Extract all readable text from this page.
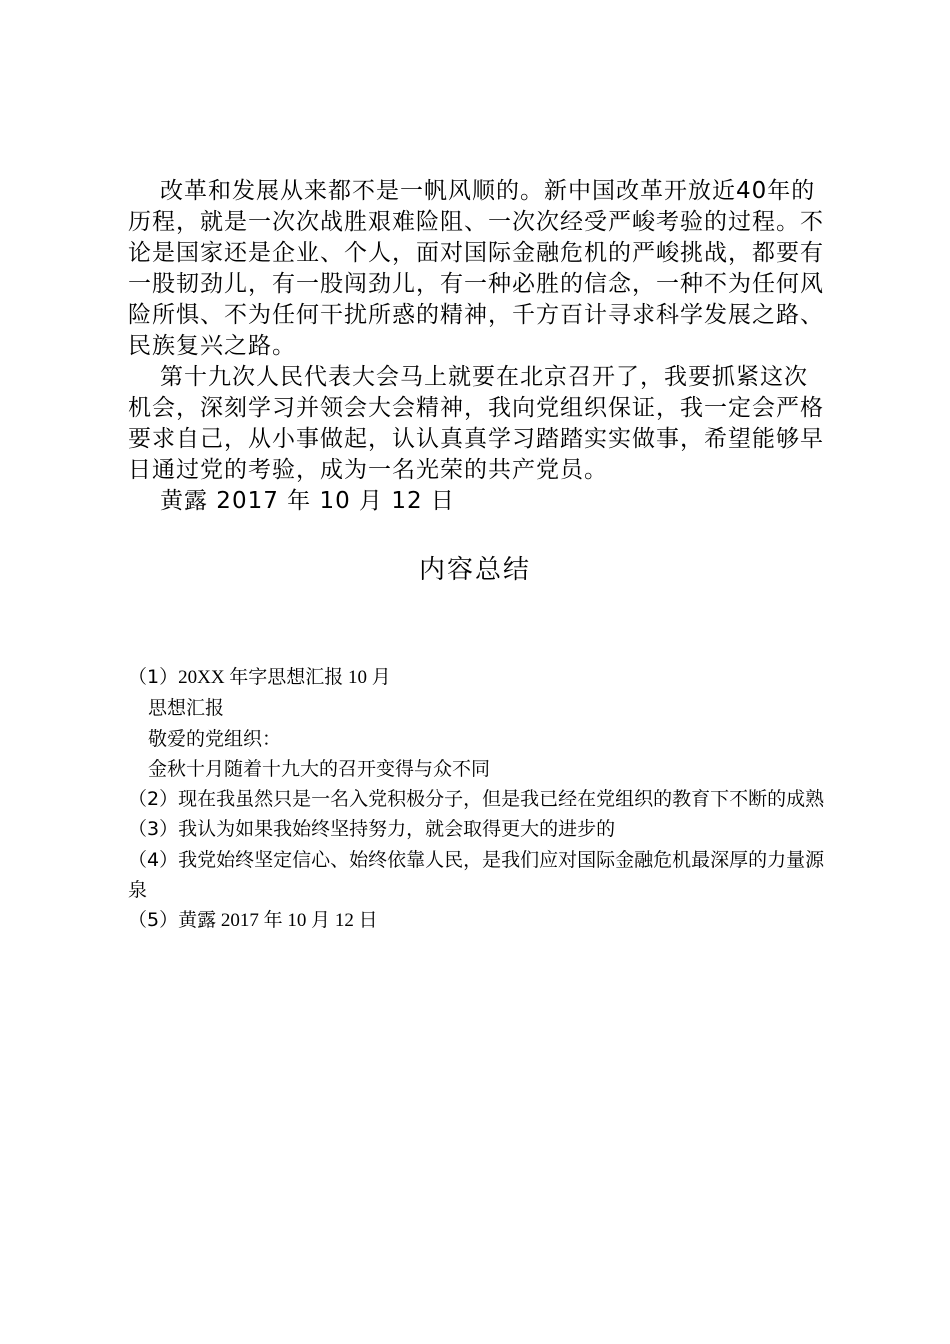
改革和发展从来都不是一帆风顺的。新中国改革开放近40年的历程，就是一次次战胜艰难险阻、一次次经受严峻考验的过程。不论是国家还是企业、个人，面对国际金融危机的严峻挑战，都要有一股韧劲儿，有一股闯劲儿，有一种必胜的信念，一种不为任何风险所惧、不为任何干扰所惑的精神，千方百计寻求科学发展之路、民族复兴之路。

第十九次人民代表大会马上就要在北京召开了，我要抓紧这次机会，深刻学习并领会大会精神，我向党组织保证，我一定会严格要求自己，从小事做起，认认真真学习踏踏实实做事，希望能够早日通过党的考验，成为一名光荣的共产党员。

黄露 2017 年 10 月 12 日

内容总结
（1）20XX 年字思想汇报 10 月
思想汇报
敬爱的党组织：
金秋十月随着十九大的召开变得与众不同
（2）现在我虽然只是一名入党积极分子，但是我已经在党组织的教育下不断的成熟
（3）我认为如果我始终坚持努力，就会取得更大的进步的
（4）我党始终坚定信心、始终依靠人民，是我们应对国际金融危机最深厚的力量源泉
（5）黄露 2017 年 10 月 12 日
